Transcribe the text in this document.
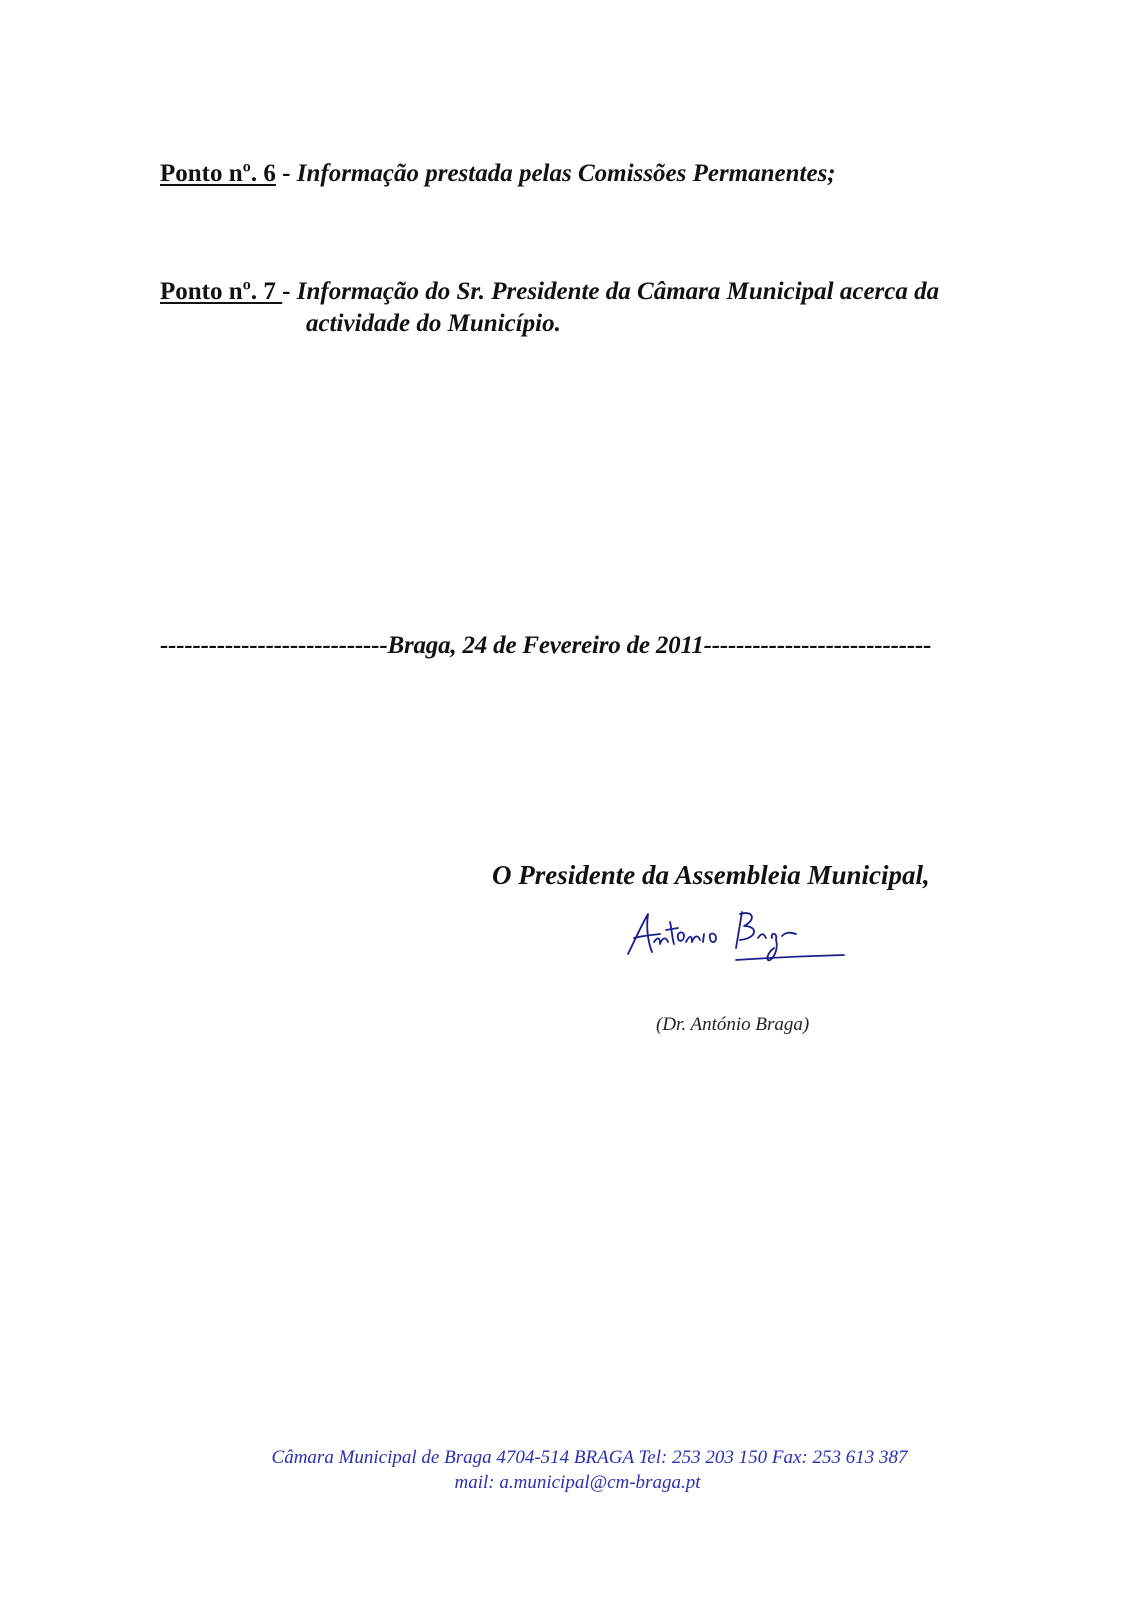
Ponto nº. 6 - Informação prestada pelas Comissões Permanentes;
Ponto nº. 7 - Informação do Sr. Presidente da Câmara Municipal acerca da
actividade do Município.
----------------------------Braga, 24 de Fevereiro de 2011----------------------------
O Presidente da Assembleia Municipal,
(Dr. António Braga)
Câmara Municipal de Braga 4704-514 BRAGA Tel: 253 203 150 Fax: 253 613 387
mail: a.municipal@cm-braga.pt
